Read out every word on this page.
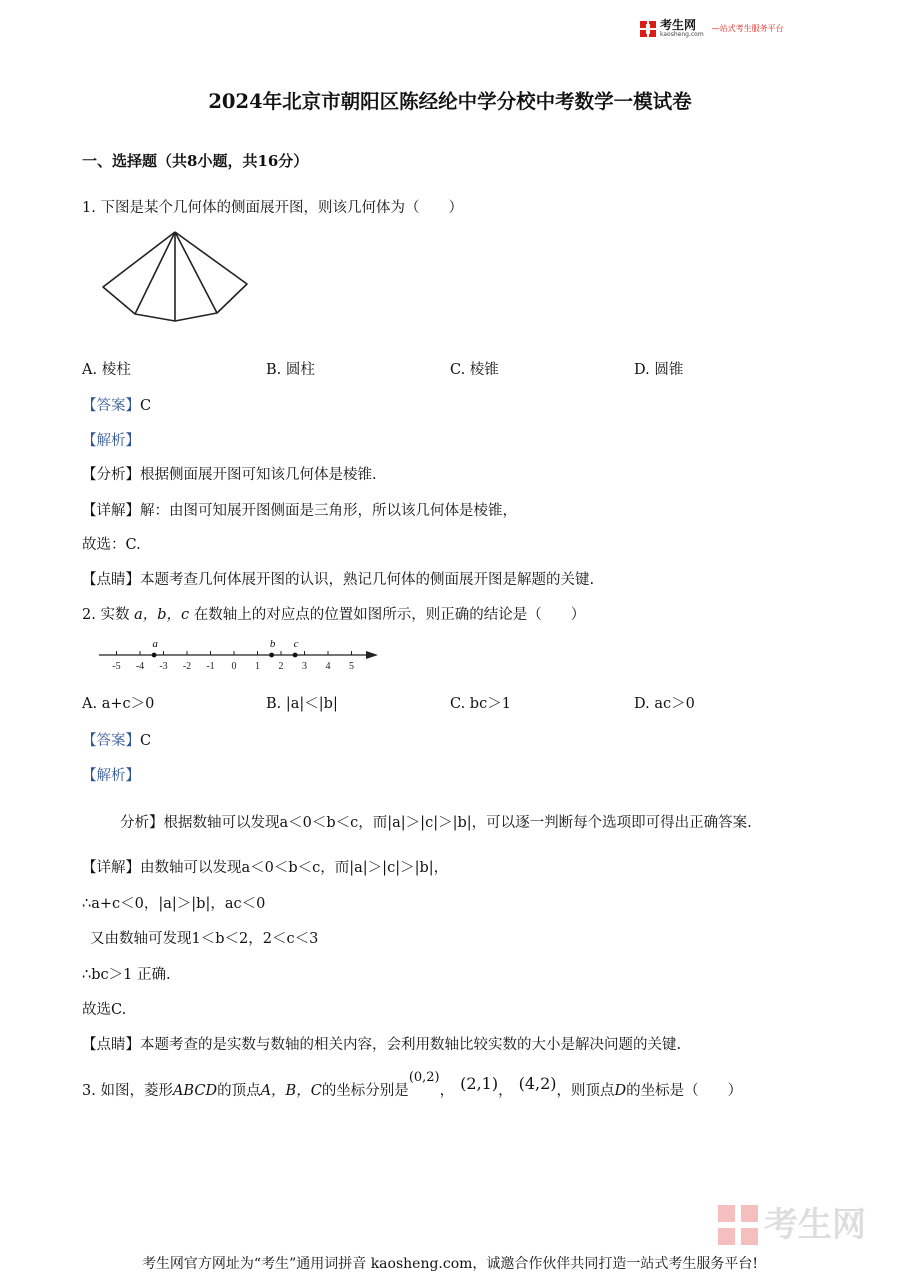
考生网
kaosheng.com
—站式考生服务平台
2024年北京市朝阳区陈经纶中学分校中考数学一模试卷
一、选择题（共8小题，共16分）
1. 下图是某个几何体的侧面展开图，则该几何体为（　　）
A. 棱柱	B. 圆柱	C. 棱锥	D. 圆锥
【答案】C
【解析】
【分析】根据侧面展开图可知该几何体是棱锥.
【详解】解：由图可知展开图侧面是三角形，所以该几何体是棱锥，
故选：C.
【点睛】本题考查几何体展开图的认识，熟记几何体的侧面展开图是解题的关键.
2. 实数 a，b，c 在数轴上的对应点的位置如图所示，则正确的结论是（　　）
-5 -4 -3 -2 -1 0 1 2 3 4 5
a	b c
A. a+c＞0	B. |a|＜|b|	C. bc＞1	D. ac＞0
【答案】C
【解析】
分析】根据数轴可以发现a＜0＜b＜c，而|a|＞|c|＞|b|，可以逐一判断每个选项即可得出正确答案.
【详解】由数轴可以发现a＜0＜b＜c，而|a|＞|c|＞|b|，
∴a+c＜0，|a|＞|b|，ac＜0
又由数轴可发现1＜b＜2，2＜c＜3
∴bc＞1 正确.
故选C.
【点睛】本题考查的是实数与数轴的相关内容，会利用数轴比较实数的大小是解决问题的关键.
3. 如图，菱形ABCD的顶点A，B，C的坐标分别是(0,2)， (2,1)， (4,2)，则顶点D的坐标是（　　）
考生网
考生网官方网址为“考生”通用词拼音 kaosheng.com，诚邀合作伙伴共同打造一站式考生服务平台!
